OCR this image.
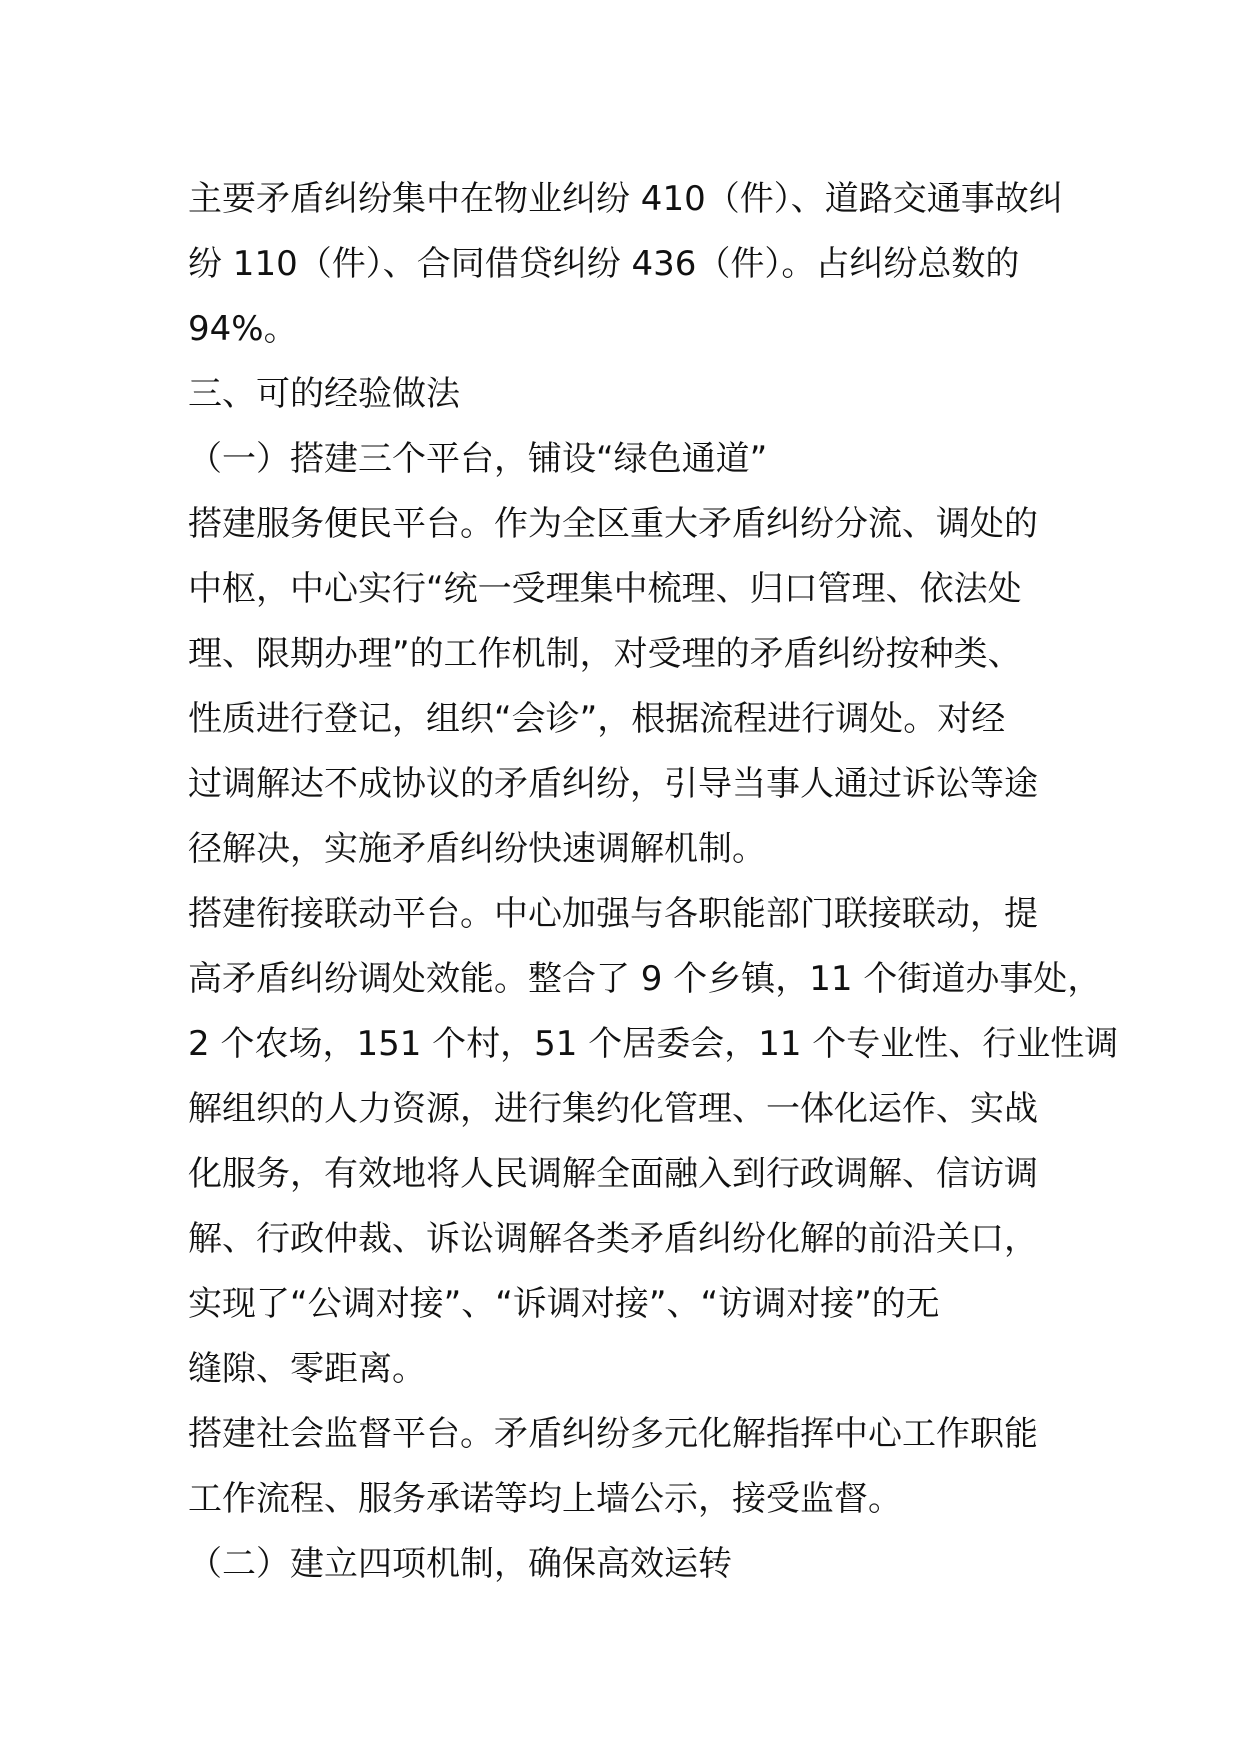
主要矛盾纠纷集中在物业纠纷 410（件）、道路交通事故纠
纷 110（件）、合同借贷纠纷 436（件）。占纠纷总数的
94%。
三、可的经验做法
（一）搭建三个平台，铺设“绿色通道”
搭建服务便民平台。作为全区重大矛盾纠纷分流、调处的
中枢，中心实行“统一受理集中梳理、归口管理、依法处
理、限期办理”的工作机制，对受理的矛盾纠纷按种类、
性质进行登记，组织“会诊”，根据流程进行调处。对经
过调解达不成协议的矛盾纠纷，引导当事人通过诉讼等途
径解决，实施矛盾纠纷快速调解机制。
搭建衔接联动平台。中心加强与各职能部门联接联动，提
高矛盾纠纷调处效能。整合了 9 个乡镇，11 个街道办事处，
2 个农场，151 个村，51 个居委会，11 个专业性、行业性调
解组织的人力资源，进行集约化管理、一体化运作、实战
化服务，有效地将人民调解全面融入到行政调解、信访调
解、行政仲裁、诉讼调解各类矛盾纠纷化解的前沿关口，
实现了“公调对接”、“诉调对接”、“访调对接”的无
缝隙、零距离。
搭建社会监督平台。矛盾纠纷多元化解指挥中心工作职能
工作流程、服务承诺等均上墙公示，接受监督。
（二）建立四项机制，确保高效运转
